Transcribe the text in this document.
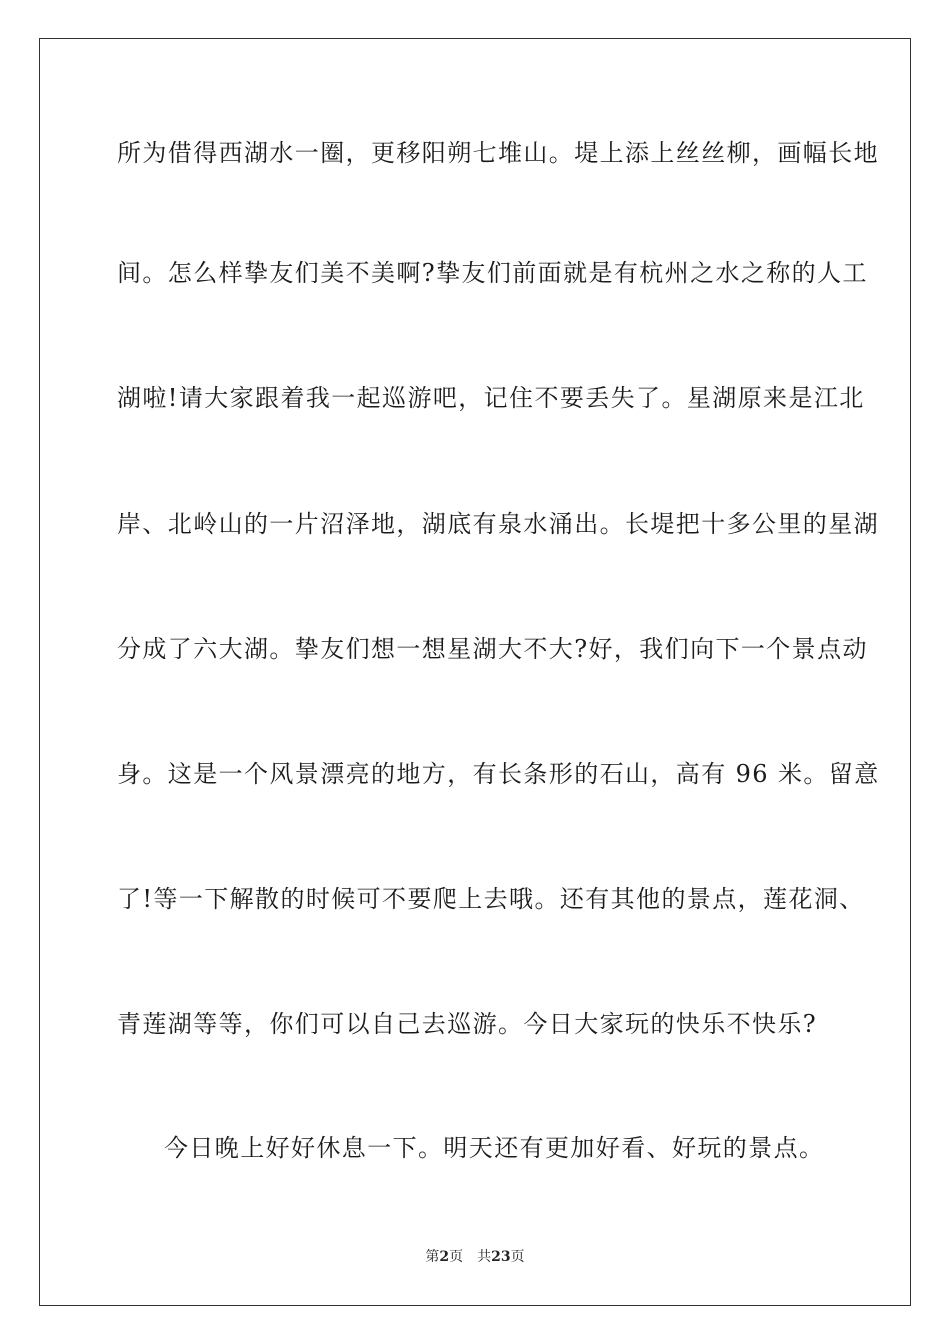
所为借得西湖水一圈，更移阳朔七堆山。堤上添上丝丝柳，画幅长地
间。怎么样挚友们美不美啊?挚友们前面就是有杭州之水之称的人工
湖啦!请大家跟着我一起巡游吧，记住不要丢失了。星湖原来是江北
岸、北岭山的一片沼泽地，湖底有泉水涌出。长堤把十多公里的星湖
分成了六大湖。挚友们想一想星湖大不大?好，我们向下一个景点动
身。这是一个风景漂亮的地方，有长条形的石山，高有 96 米。留意
了!等一下解散的时候可不要爬上去哦。还有其他的景点，莲花洞、
青莲湖等等，你们可以自己去巡游。今日大家玩的快乐不快乐?
今日晚上好好休息一下。明天还有更加好看、好玩的景点。
第2页 共23页
